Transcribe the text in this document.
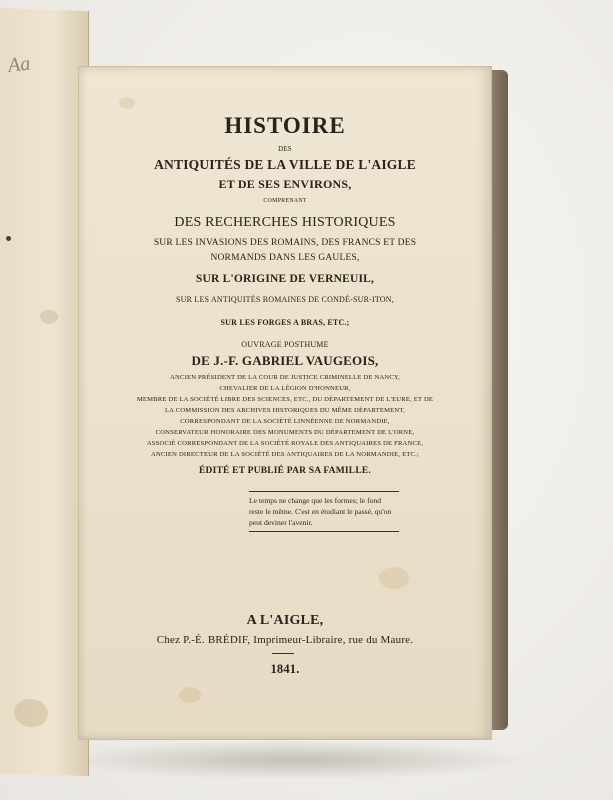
Aa
HISTOIRE
DES
ANTIQUITÉS DE LA VILLE DE L'AIGLE
ET DE SES ENVIRONS,
COMPRENANT
DES RECHERCHES HISTORIQUES
SUR LES INVASIONS DES ROMAINS, DES FRANCS ET DES
NORMANDS DANS LES GAULES,
SUR L'ORIGINE DE VERNEUIL,
SUR LES ANTIQUITÉS ROMAINES DE CONDÉ-SUR-ITON,
SUR LES FORGES A BRAS, ETC.;
OUVRAGE POSTHUME
DE J.-F. GABRIEL VAUGEOIS,
ANCIEN PRÉSIDENT DE LA COUR DE JUSTICE CRIMINELLE DE NANCY,
CHEVALIER DE LA LÉGION D'HONNEUR,
MEMBRE DE LA SOCIÉTÉ LIBRE DES SCIENCES, ETC., DU DÉPARTEMENT DE L'EURE, ET DE
LA COMMISSION DES ARCHIVES HISTORIQUES DU MÊME DÉPARTEMENT,
CORRESPONDANT DE LA SOCIÉTÉ LINNÉENNE DE NORMANDIE,
CONSERVATEUR HONORAIRE DES MONUMENTS DU DÉPARTEMENT DE L'ORNE,
ASSOCIÉ CORRESPONDANT DE LA SOCIÉTÉ ROYALE DES ANTIQUAIRES DE FRANCE,
ANCIEN DIRECTEUR DE LA SOCIÉTÉ DES ANTIQUAIRES DE LA NORMANDIE, ETC.;
ÉDITÉ ET PUBLIÉ PAR SA FAMILLE.
Le temps ne change que les formes; le fond
reste le même. C'est en étudiant le passé, qu'on
peut deviner l'avenir.
A L'AIGLE,
Chez P.-É. BRÉDIF, Imprimeur-Libraire, rue du Maure.
1841.
